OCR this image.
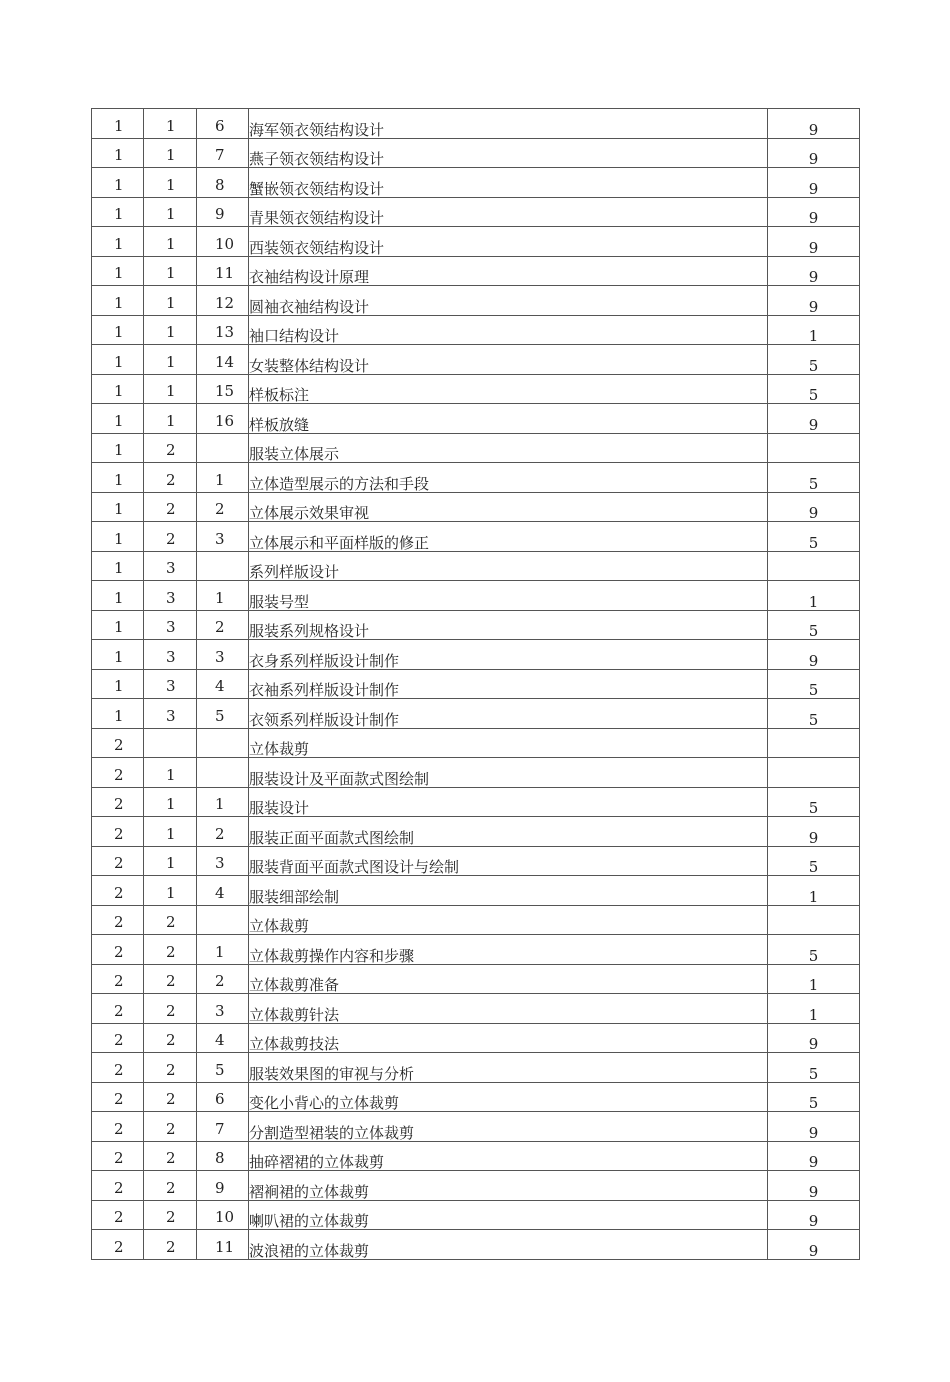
1	1	6	海军领衣领结构设计	9
1	1	7	燕子领衣领结构设计	9
1	1	8	蟹嵌领衣领结构设计	9
1	1	9	青果领衣领结构设计	9
1	1	10	西装领衣领结构设计	9
1	1	11	衣袖结构设计原理	9
1	1	12	圆袖衣袖结构设计	9
1	1	13	袖口结构设计	1
1	1	14	女装整体结构设计	5
1	1	15	样板标注	5
1	1	16	样板放缝	9
1	2		服装立体展示	
1	2	1	立体造型展示的方法和手段	5
1	2	2	立体展示效果审视	9
1	2	3	立体展示和平面样版的修正	5
1	3		系列样版设计	
1	3	1	服装号型	1
1	3	2	服装系列规格设计	5
1	3	3	衣身系列样版设计制作	9
1	3	4	衣袖系列样版设计制作	5
1	3	5	衣领系列样版设计制作	5
2			立体裁剪	
2	1		服装设计及平面款式图绘制	
2	1	1	服装设计	5
2	1	2	服装正面平面款式图绘制	9
2	1	3	服装背面平面款式图设计与绘制	5
2	1	4	服装细部绘制	1
2	2		立体裁剪	
2	2	1	立体裁剪操作内容和步骤	5
2	2	2	立体裁剪准备	1
2	2	3	立体裁剪针法	1
2	2	4	立体裁剪技法	9
2	2	5	服装效果图的审视与分析	5
2	2	6	变化小背心的立体裁剪	5
2	2	7	分割造型裙装的立体裁剪	9
2	2	8	抽碎褶裙的立体裁剪	9
2	2	9	褶裥裙的立体裁剪	9
2	2	10	喇叭裙的立体裁剪	9
2	2	11	波浪裙的立体裁剪	9
